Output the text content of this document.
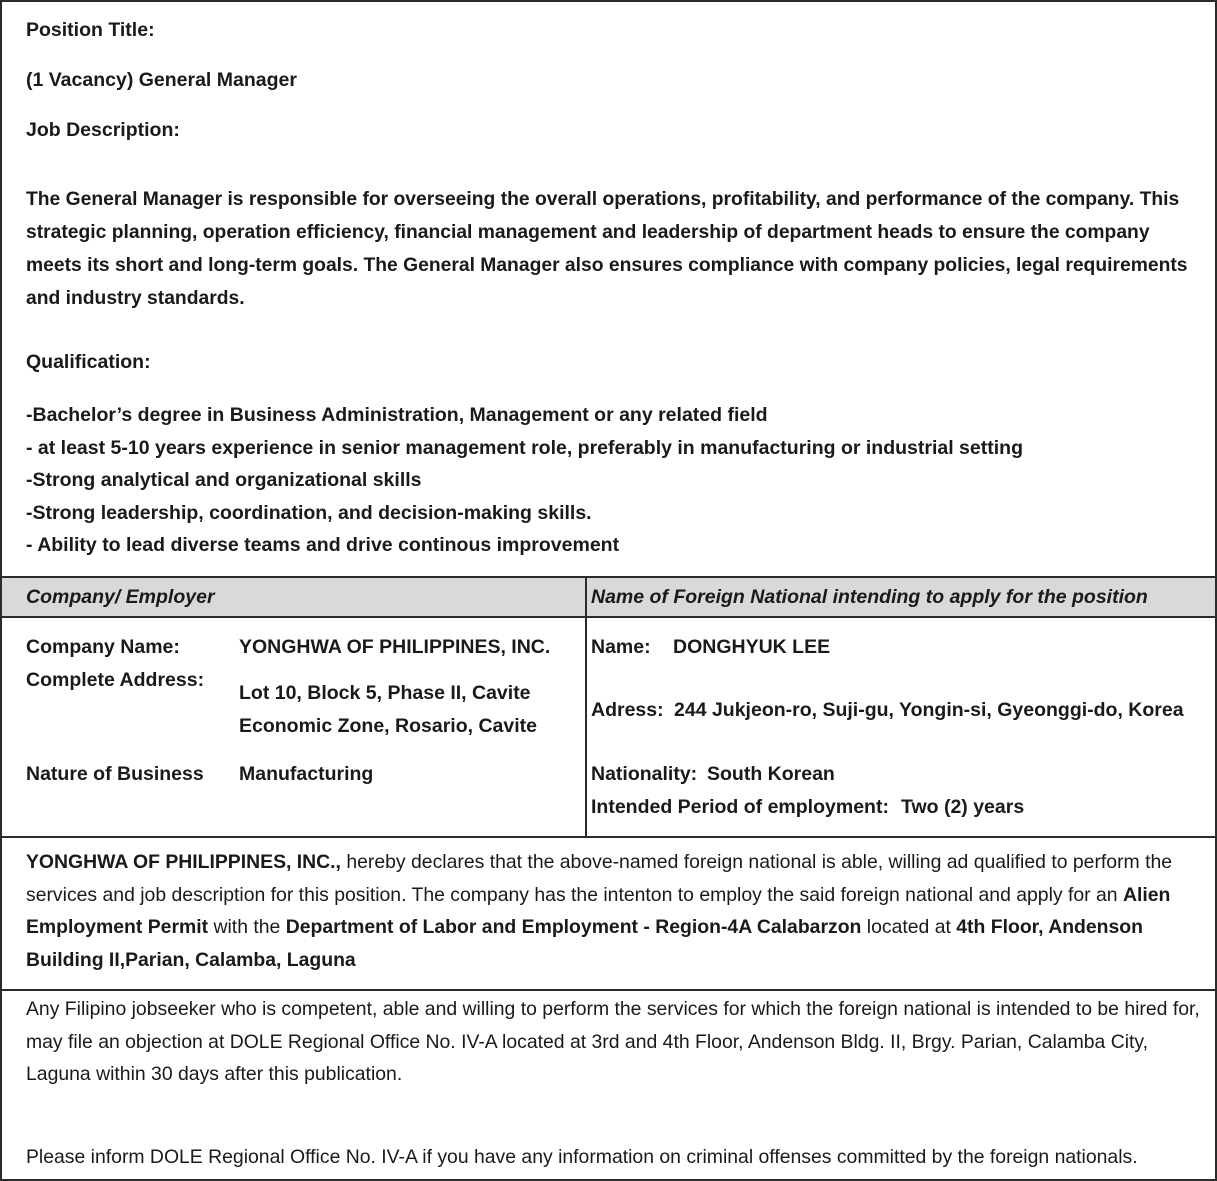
Position Title:
(1 Vacancy) General Manager
Job Description:
The General Manager is responsible for overseeing the overall operations, profitability, and performance of the company. This strategic planning, operation efficiency, financial management and leadership of department heads to ensure the company meets its short and long-term goals. The General Manager also ensures compliance with company policies, legal requirements and industry standards.
Qualification:
-Bachelor’s degree in Business Administration, Management or any related field
- at least 5-10 years experience in senior management role, preferably in manufacturing or industrial setting
-Strong analytical and organizational skills
-Strong leadership, coordination, and decision-making skills.
- Ability to lead diverse teams and drive continous improvement
Company/ Employer	Name of Foreign National intending to apply for the position
Company Name:	YONGHWA OF PHILIPPINES, INC.
Complete Address:
Lot 10, Block 5, Phase II, Cavite
Economic Zone, Rosario, Cavite
Nature of Business Manufacturing
Name: DONGHYUK LEE
Adress: 244 Jukjeon-ro, Suji-gu, Yongin-si, Gyeonggi-do, Korea
Nationality: South Korean
Intended Period of employment: Two (2) years

YONGHWA OF PHILIPPINES, INC., hereby declares that the above-named foreign national is able, willing ad qualified to perform the services and job description for this position. The company has the intenton to employ the said foreign national and apply for an Alien Employment Permit with the Department of Labor and Employment - Region-4A Calabarzon located at 4th Floor, Andenson Building II,Parian, Calamba, Laguna

Any Filipino jobseeker who is competent, able and willing to perform the services for which the foreign national is intended to be hired for, may file an objection at DOLE Regional Office No. IV-A located at 3rd and 4th Floor, Andenson Bldg. II, Brgy. Parian, Calamba City, Laguna within 30 days after this publication.

Please inform DOLE Regional Office No. IV-A if you have any information on criminal offenses committed by the foreign nationals.
